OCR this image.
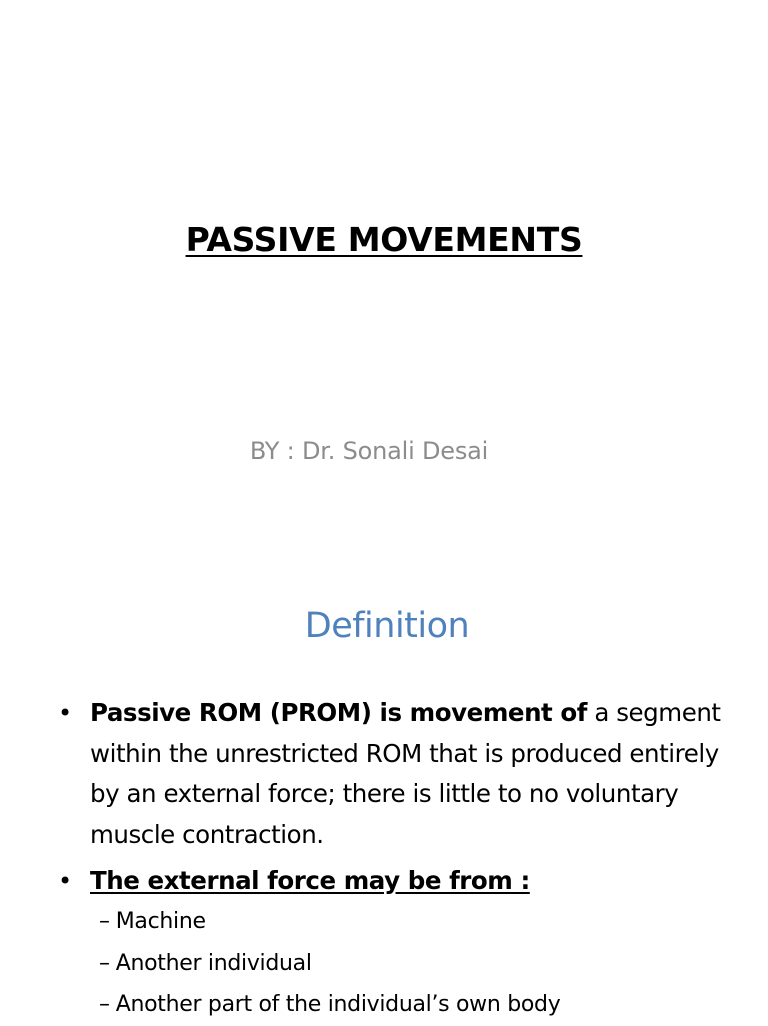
PASSIVE MOVEMENTS
BY : Dr. Sonali Desai
Definition
• Passive ROM (PROM) is movement of a segment within the unrestricted ROM that is produced entirely by an external force; there is little to no voluntary muscle contraction.
• The external force may be from :
– Machine
– Another individual
– Another part of the individual’s own body
